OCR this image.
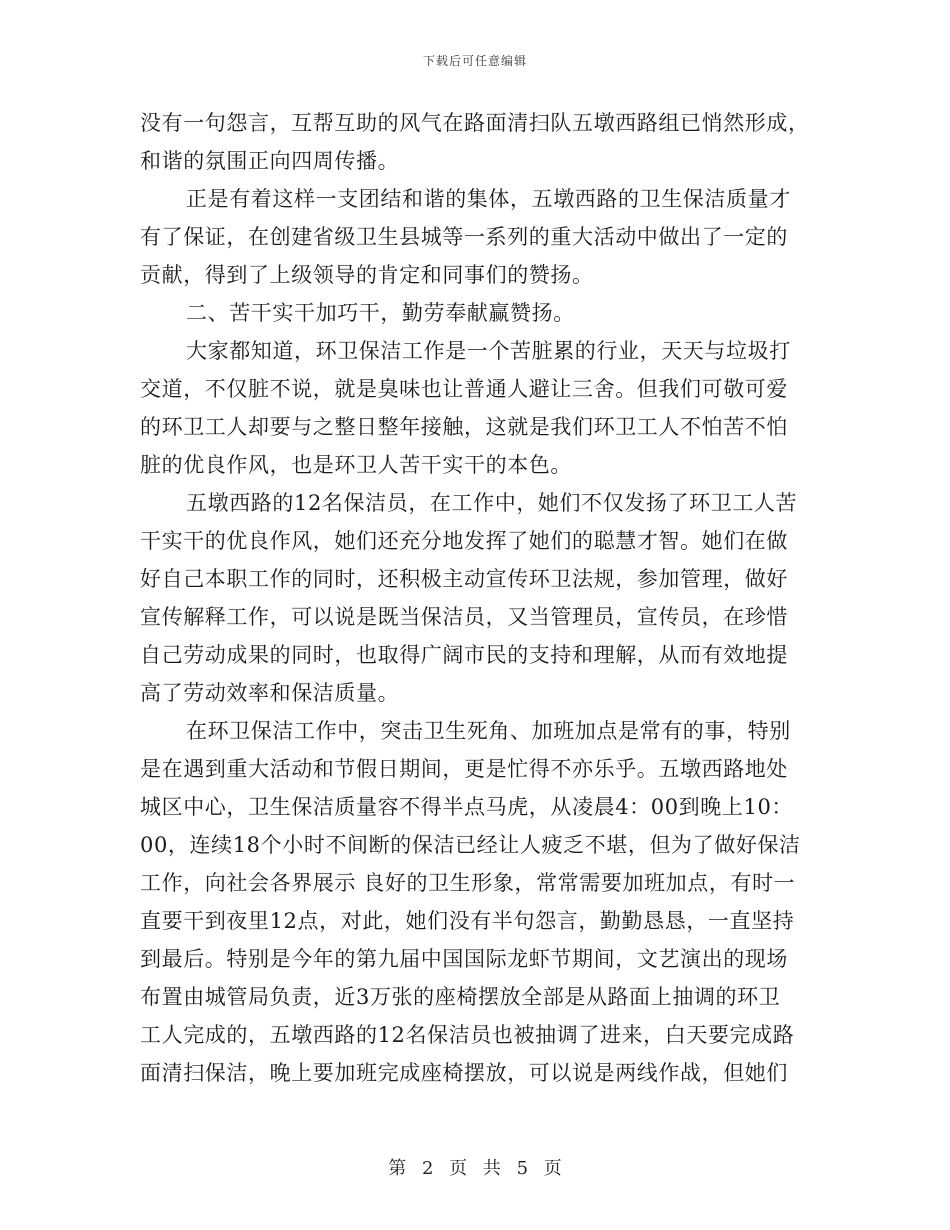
下载后可任意编辑
没有一句怨言，互帮互助的风气在路面清扫队五墩西路组已悄然形成，
和谐的氛围正向四周传播。
正是有着这样一支团结和谐的集体，五墩西路的卫生保洁质量才
有了保证，在创建省级卫生县城等一系列的重大活动中做出了一定的
贡献，得到了上级领导的肯定和同事们的赞扬。
二、苦干实干加巧干，勤劳奉献赢赞扬。
大家都知道，环卫保洁工作是一个苦脏累的行业，天天与垃圾打
交道，不仅脏不说，就是臭味也让普通人避让三舍。但我们可敬可爱
的环卫工人却要与之整日整年接触，这就是我们环卫工人不怕苦不怕
脏的优良作风，也是环卫人苦干实干的本色。
五墩西路的12名保洁员，在工作中，她们不仅发扬了环卫工人苦
干实干的优良作风，她们还充分地发挥了她们的聪慧才智。她们在做
好自己本职工作的同时，还积极主动宣传环卫法规，参加管理，做好
宣传解释工作，可以说是既当保洁员，又当管理员，宣传员，在珍惜
自己劳动成果的同时，也取得广阔市民的支持和理解，从而有效地提
高了劳动效率和保洁质量。
在环卫保洁工作中，突击卫生死角、加班加点是常有的事，特别
是在遇到重大活动和节假日期间，更是忙得不亦乐乎。五墩西路地处
城区中心，卫生保洁质量容不得半点马虎，从凌晨4：00到晚上10：
00，连续18个小时不间断的保洁已经让人疲乏不堪，但为了做好保洁
工作，向社会各界展示 良好的卫生形象，常常需要加班加点，有时一
直要干到夜里12点，对此，她们没有半句怨言，勤勤恳恳，一直坚持
到最后。特别是今年的第九届中国国际龙虾节期间，文艺演出的现场
布置由城管局负责，近3万张的座椅摆放全部是从路面上抽调的环卫
工人完成的，五墩西路的12名保洁员也被抽调了进来，白天要完成路
面清扫保洁，晚上要加班完成座椅摆放，可以说是两线作战，但她们
第 2 页 共 5 页
